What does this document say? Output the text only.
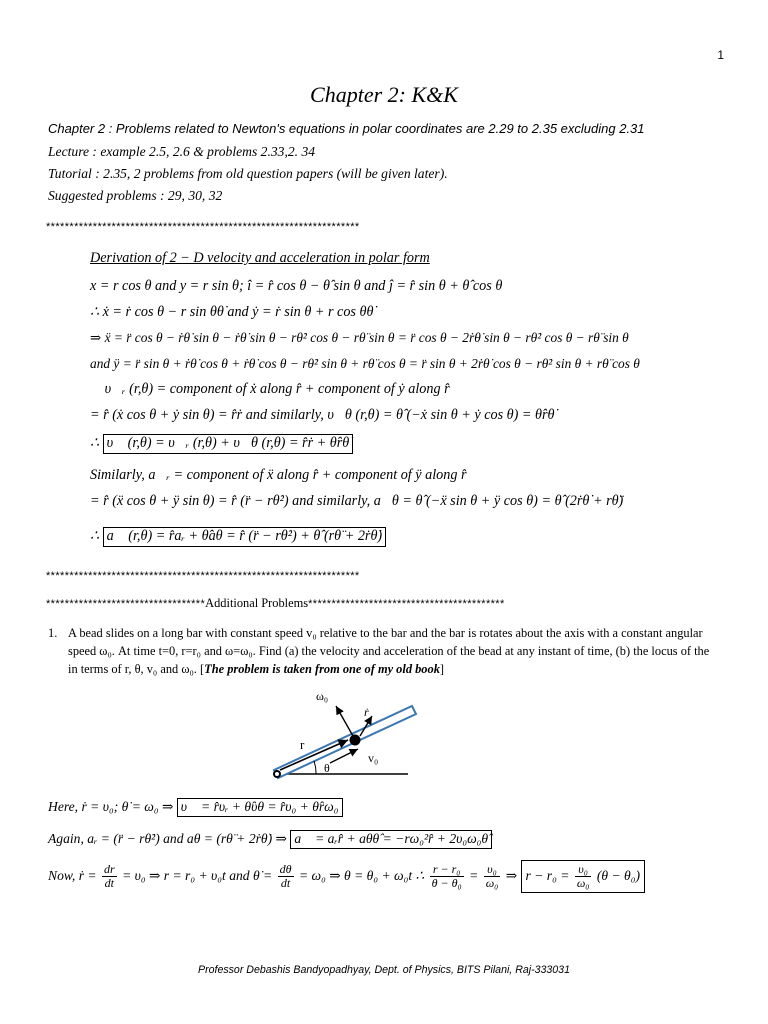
1
Chapter 2: K&K
Chapter 2 : Problems related to Newton's equations in polar coordinates are 2.29 to 2.35 excluding 2.31
Lecture : example 2.5, 2.6 & problems 2.33,2. 34
Tutorial : 2.35, 2 problems from old question papers (will be given later).
Suggested problems : 29, 30, 32
*******************************************************************
Derivation of 2 − D velocity and acceleration in polar form
x = r cos θ and y = r sin θ; î = r̂ cos θ − θ̂ sin θ and ĵ = r̂ sin θ + θ̂ cos θ
∴ ẋ = ṙ cos θ − r sin θθ̇ and ẏ = ṙ sin θ + r cos θθ̇
⇒ ẍ = r̈ cos θ − ṙθ̇ sin θ − ṙθ̇ sin θ − rθ̇² cos θ − rθ̈ sin θ = r̈ cos θ − 2ṙθ̇ sin θ − rθ̇² cos θ − rθ̈ sin θ
and ÿ = r̈ sin θ + ṙθ̇ cos θ + ṙθ̇ cos θ − rθ̇² sin θ + rθ̈ cos θ = r̈ sin θ + 2ṙθ̇ cos θ − rθ̇² sin θ + rθ̈ cos θ
∴ υ⃗ᵣ (r,θ) = component of ẋ along r̂ + component of ẏ along r̂
= r̂ (ẋ cos θ + ẏ sin θ) = r̂ṙ and similarly, υ⃗θ (r,θ) = θ̂ (−ẋ sin θ + ẏ cos θ) = θ̂rθ̇
∴ υ⃗ (r,θ) = υ⃗ᵣ (r,θ) + υ⃗θ (r,θ) = r̂ṙ + θ̂rθ̇
Similarly, a⃗ᵣ = component of ẍ along r̂ + component of ÿ along r̂
= r̂ (ẍ cos θ + ÿ sin θ) = r̂ (r̈ − rθ̇²) and similarly, a⃗θ = θ̂ (−ẍ sin θ + ÿ cos θ) = θ̂ (2ṙθ̇ + rθ̈)
∴ a⃗ (r,θ) = r̂aᵣ + θ̂aθ = r̂ (r̈ − rθ̇²) + θ̂ (rθ̈ + 2ṙθ̇)
*******************************************************************
**********************************Additional Problems******************************************
1. A bead slides on a long bar with constant speed v₀ relative to the bar and the bar is rotates about the axis with a constant angular
speed ω₀. At time t=0, r=r₀ and ω=ω₀. Find (a) the velocity and acceleration of the bead at any instant of time, (b) the locus of the
in terms of r, θ, v₀ and ω₀. [The problem is taken from one of my old book]
ω₀
ṙ
r
v₀
θ
Here, ṙ = υ₀; θ̇ = ω₀ ⇒ υ⃗ = r̂υᵣ + θ̂υθ = r̂υ₀ + θ̂rω₀
Again, aᵣ = (r̈ − rθ̇²) and aθ = (rθ̈ + 2ṙθ̇) ⇒ a⃗ = aᵣr̂ + aθθ̂ = −rω₀²r̂ + 2υ₀ω₀θ̂
Now, ṙ = $\frac{dr}{dt} = \upsilon_0$ ⇒ r = r₀ + υ₀t and θ̇ = $\frac{d\theta}{dt} = \omega_0$ ⇒ θ = θ₀ + ω₀t ∴ $\frac{\text{r − r₀}}{\text{θ − θ₀}} = \frac{\text{υ₀}}{\text{ω₀}}$ ⇒ $r - r_0 = \frac{\text{υ₀}}{\text{ω₀}} (\theta - \theta_0)$
Professor Debashis Bandyopadhyay, Dept. of Physics, BITS Pilani, Raj-333031
